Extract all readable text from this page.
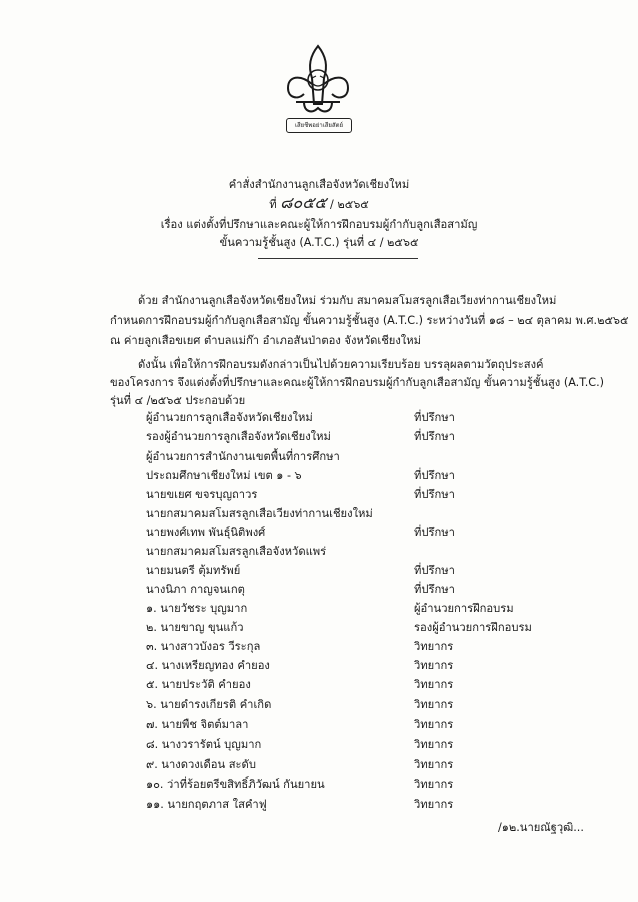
เสียชีพอย่าเสียสัตย์
คำสั่งสำนักงานลูกเสือจังหวัดเชียงใหม่
ที่ ๘๐๕๕ / ๒๕๖๕
เรื่อง แต่งตั้งที่ปรึกษาและคณะผู้ให้การฝึกอบรมผู้กำกับลูกเสือสามัญ
ขั้นความรู้ชั้นสูง (A.T.C.) รุ่นที่ ๔ / ๒๕๖๕
ด้วย สำนักงานลูกเสือจังหวัดเชียงใหม่ ร่วมกับ สมาคมสโมสรลูกเสือเวียงท่ากานเชียงใหม่
กำหนดการฝึกอบรมผู้กำกับลูกเสือสามัญ ขั้นความรู้ชั้นสูง (A.T.C.) ระหว่างวันที่ ๑๘ – ๒๔ ตุลาคม พ.ศ.๒๕๖๕
ณ ค่ายลูกเสือขเยศ ตำบลแม่ก๊า อำเภอสันป่าตอง จังหวัดเชียงใหม่
ดังนั้น เพื่อให้การฝึกอบรมดังกล่าวเป็นไปด้วยความเรียบร้อย บรรลุผลตามวัตถุประสงค์
ของโครงการ จึงแต่งตั้งที่ปรึกษาและคณะผู้ให้การฝึกอบรมผู้กำกับลูกเสือสามัญ ขั้นความรู้ชั้นสูง (A.T.C.)
รุ่นที่ ๔ /๒๕๖๕ ประกอบด้วย
ผู้อำนวยการลูกเสือจังหวัดเชียงใหม่	ที่ปรึกษา
รองผู้อำนวยการลูกเสือจังหวัดเชียงใหม่	ที่ปรึกษา
ผู้อำนวยการสำนักงานเขตพื้นที่การศึกษา
ประถมศึกษาเชียงใหม่ เขต ๑ - ๖	ที่ปรึกษา
นายขเยศ ขจรบุญถาวร	ที่ปรึกษา
นายกสมาคมสโมสรลูกเสือเวียงท่ากานเชียงใหม่
นายพงศ์เทพ พันธุ์นิติพงศ์	ที่ปรึกษา
นายกสมาคมสโมสรลูกเสือจังหวัดแพร่
นายมนตรี ตุ้มทรัพย์	ที่ปรึกษา
นางนิภา กาญจนเกตุ	ที่ปรึกษา
๑. นายวัชระ บุญมาก	ผู้อำนวยการฝึกอบรม
๒. นายขาญ ขุนแก้ว	รองผู้อำนวยการฝึกอบรม
๓. นางสาวบังอร วีระกุล	วิทยากร
๔. นางเหรียญทอง คำยอง	วิทยากร
๕. นายประวัติ คำยอง	วิทยากร
๖. นายดำรงเกียรติ คำเกิด	วิทยากร
๗. นายพืช จิตต์มาลา	วิทยากร
๘. นางวรารัตน์ บุญมาก	วิทยากร
๙. นางดวงเดือน สะดับ	วิทยากร
๑๐. ว่าที่ร้อยตรีขสิทธิ์ภิวัฒน์ กันยายน	วิทยากร
๑๑. นายกฤตภาส ใสคำฟู	วิทยากร
/๑๒.นายณัฐวุฒิ...
